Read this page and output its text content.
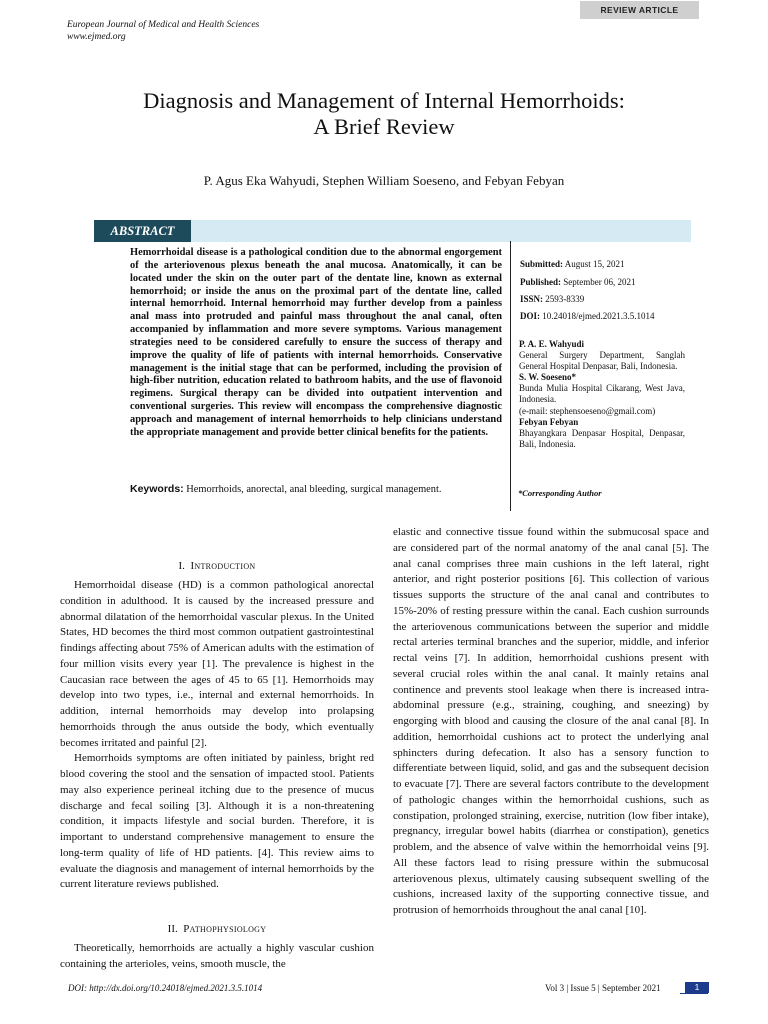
REVIEW ARTICLE
European Journal of Medical and Health Sciences
www.ejmed.org
Diagnosis and Management of Internal Hemorrhoids:
A Brief Review
P. Agus Eka Wahyudi, Stephen William Soeseno, and Febyan Febyan
ABSTRACT
Hemorrhoidal disease is a pathological condition due to the abnormal engorgement of the arteriovenous plexus beneath the anal mucosa. Anatomically, it can be located under the skin on the outer part of the dentate line, known as external hemorrhoid; or inside the anus on the proximal part of the dentate line, called internal hemorrhoid. Internal hemorrhoid may further develop from a painless anal mass into protruded and painful mass throughout the anal canal, often accompanied by inflammation and more severe symptoms. Various management strategies need to be considered carefully to ensure the success of therapy and improve the quality of life of patients with internal hemorrhoids. Conservative management is the initial stage that can be performed, including the provision of high-fiber nutrition, education related to bathroom habits, and the use of flavonoid regimens. Surgical therapy can be divided into outpatient intervention and conventional surgeries. This review will encompass the comprehensive diagnostic approach and management of internal hemorrhoids to help clinicians understand the appropriate management and provide better clinical benefits for the patients.
Keywords: Hemorrhoids, anorectal, anal bleeding, surgical management.
Submitted: August 15, 2021
Published: September 06, 2021
ISSN: 2593-8339
DOI: 10.24018/ejmed.2021.3.5.1014
P. A. E. Wahyudi
General Surgery Department, Sanglah General Hospital Denpasar, Bali, Indonesia.
S. W. Soeseno*
Bunda Mulia Hospital Cikarang, West Java, Indonesia.
(e-mail: stephensoeseno@gmail.com)
Febyan Febyan
Bhayangkara Denpasar Hospital, Denpasar, Bali, Indonesia.
*Corresponding Author
I. Introduction

Hemorrhoidal disease (HD) is a common pathological anorectal condition in adulthood. It is caused by the increased pressure and abnormal dilatation of the hemorrhoidal vascular plexus. In the United States, HD becomes the third most common outpatient gastrointestinal findings affecting about 75% of American adults with the estimation of four million visits every year [1]. The prevalence is highest in the Caucasian race between the ages of 45 to 65 [1]. Hemorrhoids may develop into two types, i.e., internal and external hemorrhoids. In addition, internal hemorrhoids may develop into prolapsing hemorrhoids through the anus outside the body, which eventually becomes irritated and painful [2].

Hemorrhoids symptoms are often initiated by painless, bright red blood covering the stool and the sensation of impacted stool. Patients may also experience perineal itching due to the presence of mucus discharge and fecal soiling [3]. Although it is a non-threatening condition, it impacts lifestyle and social burden. Therefore, it is important to understand comprehensive management to ensure the long-term quality of life of HD patients. [4]. This review aims to evaluate the diagnosis and management of internal hemorrhoids by the current literature reviews published.

II. Pathophysiology

Theoretically, hemorrhoids are actually a highly vascular cushion containing the arterioles, veins, smooth muscle, the

elastic and connective tissue found within the submucosal space and are considered part of the normal anatomy of the anal canal [5]. The anal canal comprises three main cushions in the left lateral, right anterior, and right posterior positions [6]. This collection of various tissues supports the structure of the anal canal and contributes to 15%-20% of resting pressure within the canal. Each cushion surrounds the arteriovenous communications between the superior and middle rectal arteries terminal branches and the superior, middle, and inferior rectal veins [7]. In addition, hemorrhoidal cushions present with several crucial roles within the anal canal. It mainly retains anal continence and prevents stool leakage when there is increased intra-abdominal pressure (e.g., straining, coughing, and sneezing) by engorging with blood and causing the closure of the anal canal [8]. In addition, hemorrhoidal cushions act to protect the underlying anal sphincters during defecation. It also has a sensory function to differentiate between liquid, solid, and gas and the subsequent decision to evacuate [7]. There are several factors contribute to the development of pathologic changes within the hemorrhoidal cushions, such as constipation, prolonged straining, exercise, nutrition (low fiber intake), pregnancy, irregular bowel habits (diarrhea or constipation), genetics problem, and the absence of valve within the hemorrhoidal veins [9]. All these factors lead to rising pressure within the submucosal arteriovenous plexus, ultimately causing subsequent swelling of the cushions, increased laxity of the supporting connective tissue, and protrusion of hemorrhoids throughout the anal canal [10].

DOI: http://dx.doi.org/10.24018/ejmed.2021.3.5.1014	Vol 3 | Issue 5 | September 2021	1
